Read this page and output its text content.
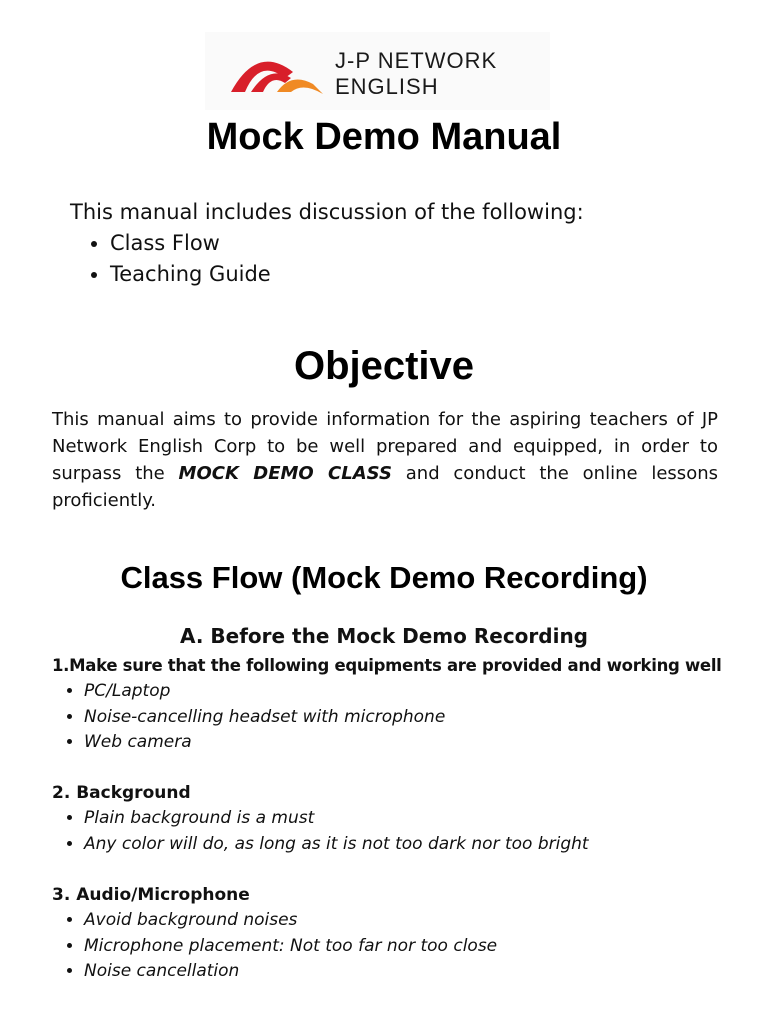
J-P NETWORK
ENGLISH
Mock Demo Manual
This manual includes discussion of the following:
• Class Flow
• Teaching Guide
Objective
This manual aims to provide information for the aspiring teachers of JP Network English Corp to be well prepared and equipped, in order to surpass the MOCK DEMO CLASS and conduct the online lessons proficiently.
Class Flow (Mock Demo Recording)
A. Before the Mock Demo Recording
1.Make sure that the following equipments are provided and working well
• PC/Laptop
• Noise-cancelling headset with microphone
• Web camera
2. Background
• Plain background is a must
• Any color will do, as long as it is not too dark nor too bright
3. Audio/Microphone
• Avoid background noises
• Microphone placement: Not too far nor too close
• Noise cancellation
